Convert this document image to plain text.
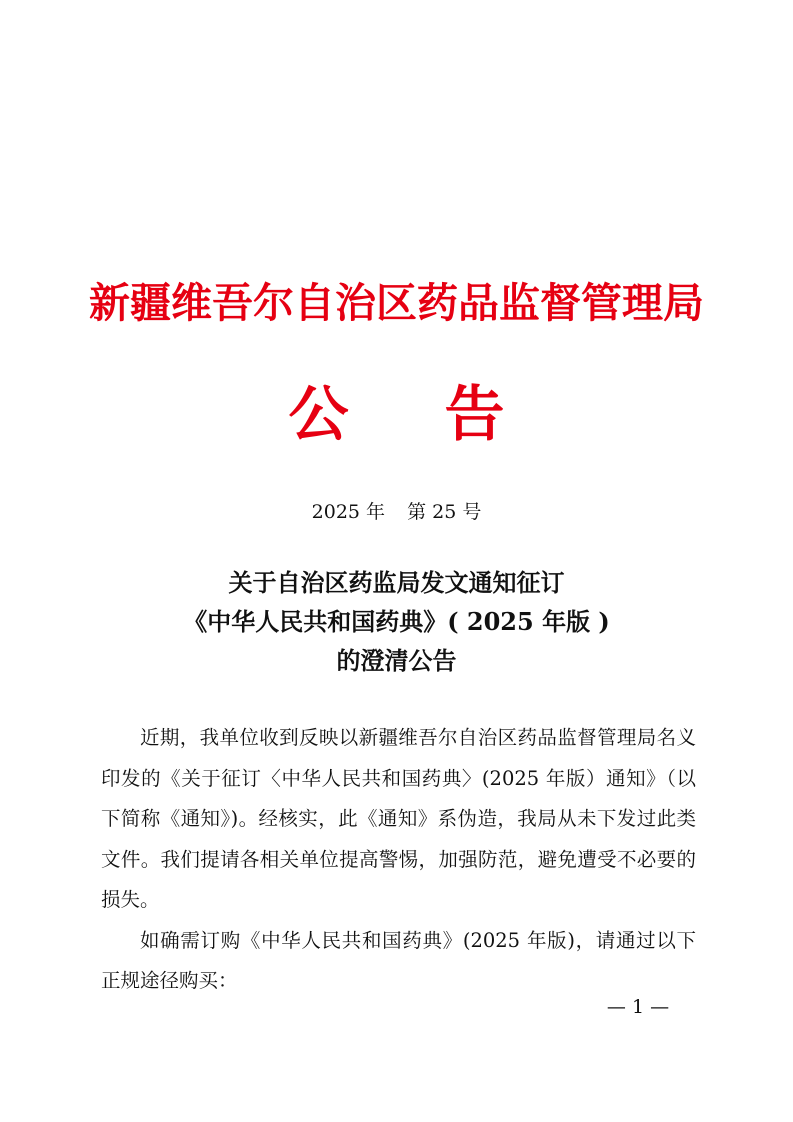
新疆维吾尔自治区药品监督管理局
公 告
2025 年 第 25 号
关于自治区药监局发文通知征订
《中华人民共和国药典》( 2025 年版 )
的澄清公告

近期，我单位收到反映以新疆维吾尔自治区药品监督管理局名义印发的《关于征订〈中华人民共和国药典〉(2025 年版）通知》（以下简称《通知》)。经核实，此《通知》系伪造，我局从未下发过此类文件。我们提请各相关单位提高警惕，加强防范，避免遭受不必要的损失。

如确需订购《中华人民共和国药典》(2025 年版)，请通过以下正规途径购买：

— 1 —
